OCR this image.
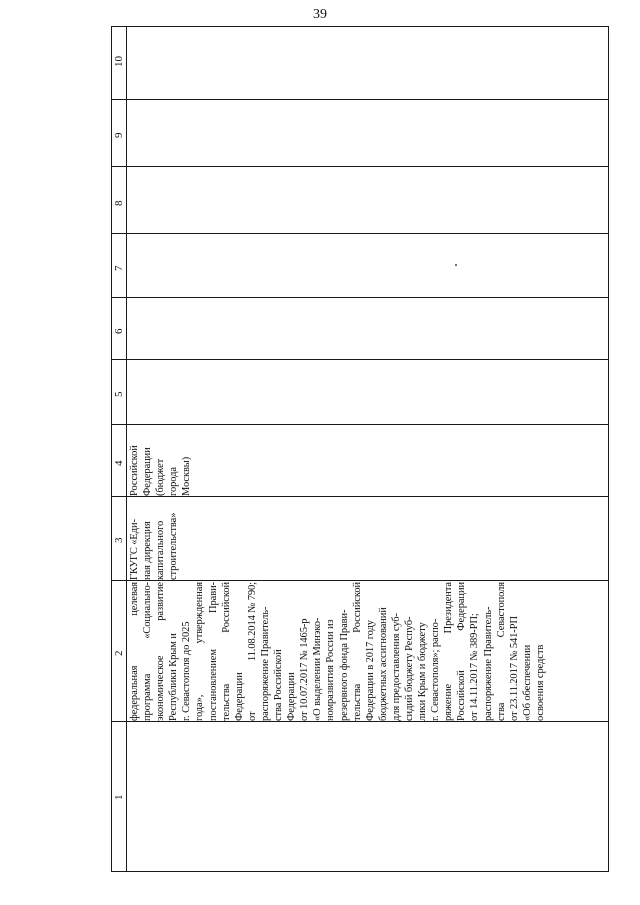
39
10
9
8
7
6
5
4
3
2
1
Российской Федерации (бюджет города Москвы)
ГКУГС «Еди- ная дирекция капитального строительства»
федеральная
целевая
программа
«Социально-
экономическое
развитие
Республики Крым и г. Севастополя до 2025 года»,
утвержденная
постановлением
Прави-
тельства
Российской
Федерации от
11.08.2014 № 790; распоряжение Правитель- ства Российской Федерации от 10.07.2017 № 1465-р «О выделении Минэко- номразвития России из резервного фонда Прави- тельства
Российской
Федерации в 2017 году бюджетных ассигнований для предоставления суб- сидий бюджету Респуб- лики Крым и бюджету г. Севастополя»; распо- ряжение
Президента
Российской
Федерации
от 14.11.2017 № 389-РП; распоряжение Правитель- ства
Севастополя
от 23.11.2017 № 541-РП «Об обеспечении освоения средств
